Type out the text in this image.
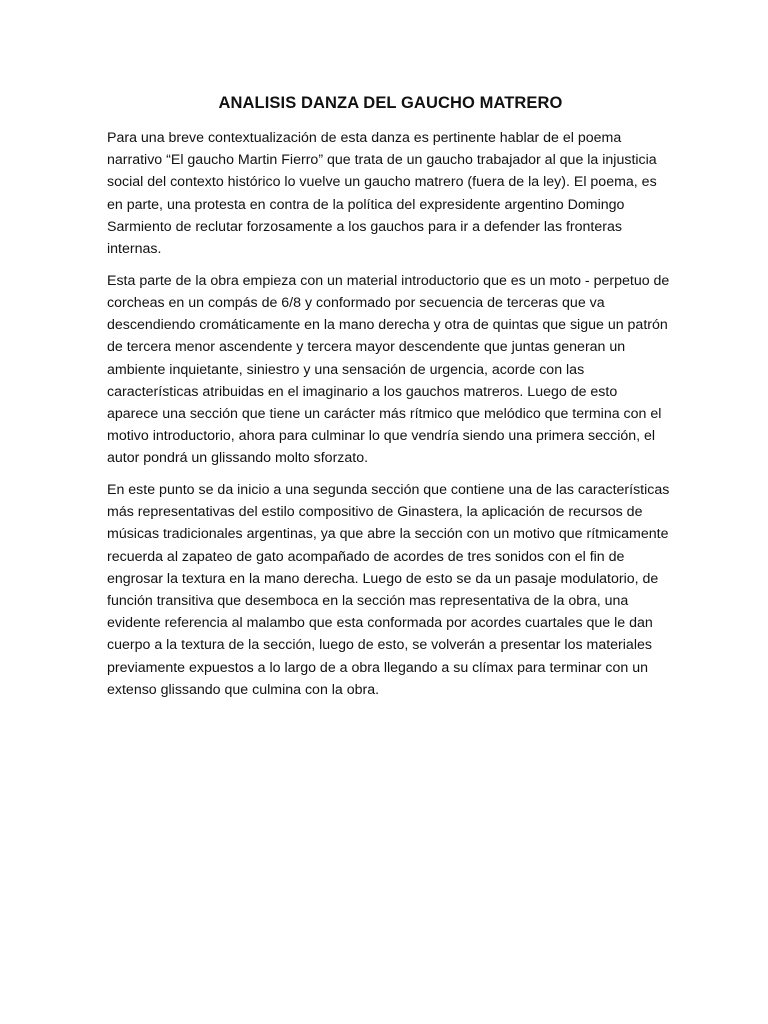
ANALISIS DANZA DEL GAUCHO MATRERO

Para una breve contextualización de esta danza es pertinente hablar de el poema narrativo “El gaucho Martin Fierro” que trata de un gaucho trabajador al que la injusticia social del contexto histórico lo vuelve un gaucho matrero (fuera de la ley). El poema, es en parte, una protesta en contra de la política del expresidente argentino Domingo Sarmiento de reclutar forzosamente a los gauchos para ir a defender las fronteras internas.

Esta parte de la obra empieza con un material introductorio que es un moto - perpetuo de corcheas en un compás de 6/8 y conformado por secuencia de terceras que va descendiendo cromáticamente en la mano derecha y otra de quintas que sigue un patrón de tercera menor ascendente y tercera mayor descendente que juntas generan un ambiente inquietante, siniestro y una sensación de urgencia, acorde con las características atribuidas en el imaginario a los gauchos matreros. Luego de esto aparece una sección que tiene un carácter más rítmico que melódico que termina con el motivo introductorio, ahora para culminar lo que vendría siendo una primera sección, el autor pondrá un glissando molto sforzato.

En este punto se da inicio a una segunda sección que contiene una de las características más representativas del estilo compositivo de Ginastera, la aplicación de recursos de músicas tradicionales argentinas, ya que abre la sección con un motivo que rítmicamente recuerda al zapateo de gato acompañado de acordes de tres sonidos con el fin de engrosar la textura en la mano derecha. Luego de esto se da un pasaje modulatorio, de función transitiva que desemboca en la sección mas representativa de la obra, una evidente referencia al malambo que esta conformada por acordes cuartales que le dan cuerpo a la textura de la sección, luego de esto, se volverán a presentar los materiales previamente expuestos a lo largo de a obra llegando a su clímax para terminar con un extenso glissando que culmina con la obra.
